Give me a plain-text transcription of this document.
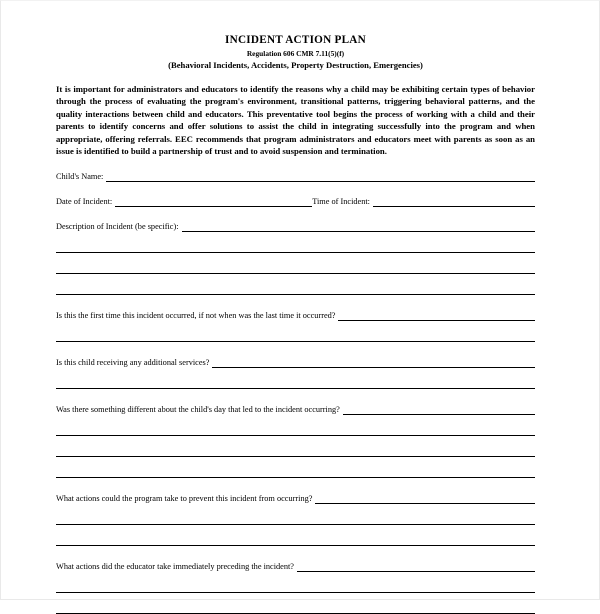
INCIDENT ACTION PLAN
Regulation 606 CMR 7.11(5)(f)
(Behavioral Incidents, Accidents, Property Destruction, Emergencies)
It is important for administrators and educators to identify the reasons why a child may be exhibiting certain types of behavior through the process of evaluating the program's environment, transitional patterns, triggering behavioral patterns, and the quality interactions between child and educators. This preventative tool begins the process of working with a child and their parents to identify concerns and offer solutions to assist the child in integrating successfully into the program and when appropriate, offering referrals. EEC recommends that program administrators and educators meet with parents as soon as an issue is identified to build a partnership of trust and to avoid suspension and termination.
Child's Name:
Date of Incident:	Time of Incident:
Description of Incident (be specific):
Is this the first time this incident occurred, if not when was the last time it occurred?
Is this child receiving any additional services?
Was there something different about the child's day that led to the incident occurring?
What actions could the program take to prevent this incident from occurring?
What actions did the educator take immediately preceding the incident?
